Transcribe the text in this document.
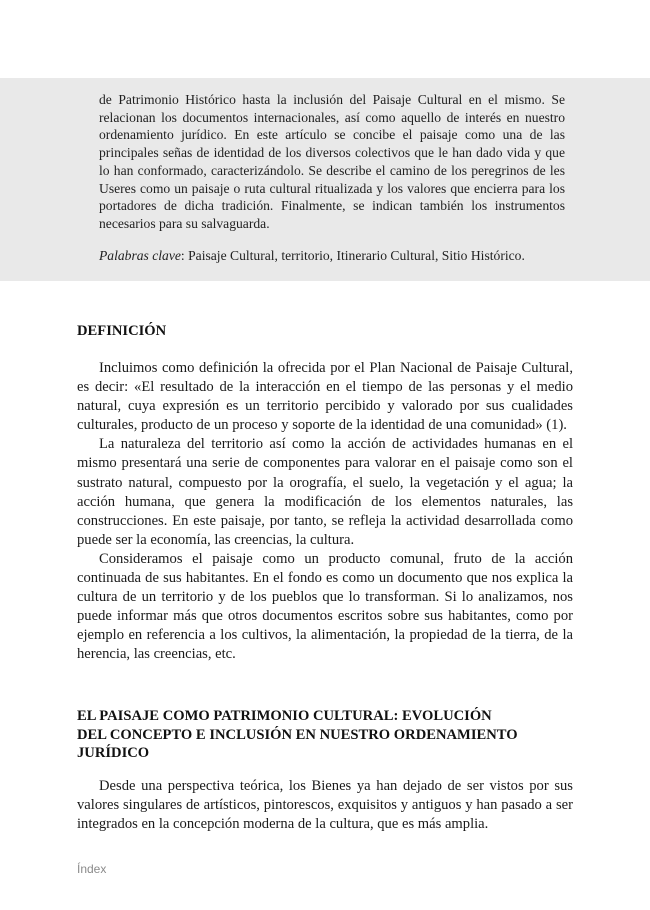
de Patrimonio Histórico hasta la inclusión del Paisaje Cultural en el mismo. Se relacionan los documentos internacionales, así como aquello de interés en nuestro ordenamiento jurídico. En este artículo se concibe el paisaje como una de las principales señas de identidad de los diversos colectivos que le han dado vida y que lo han conformado, caracterizándolo. Se describe el camino de los peregrinos de les Useres como un paisaje o ruta cultural ritualizada y los valores que encierra para los portadores de dicha tradición. Finalmente, se indican también los instrumentos necesarios para su salvaguarda.

Palabras clave: Paisaje Cultural, territorio, Itinerario Cultural, Sitio Histórico.
DEFINICIÓN

Incluimos como definición la ofrecida por el Plan Nacional de Paisaje Cultural, es decir: «El resultado de la interacción en el tiempo de las personas y el medio natural, cuya expresión es un territorio percibido y valorado por sus cualidades culturales, producto de un proceso y soporte de la identidad de una comunidad» (1).

La naturaleza del territorio así como la acción de actividades humanas en el mismo presentará una serie de componentes para valorar en el paisaje como son el sustrato natural, compuesto por la orografía, el suelo, la vegetación y el agua; la acción humana, que genera la modificación de los elementos naturales, las construcciones. En este paisaje, por tanto, se refleja la actividad desarrollada como puede ser la economía, las creencias, la cultura.

Consideramos el paisaje como un producto comunal, fruto de la acción continuada de sus habitantes. En el fondo es como un documento que nos explica la cultura de un territorio y de los pueblos que lo transforman. Si lo analizamos, nos puede informar más que otros documentos escritos sobre sus habitantes, como por ejemplo en referencia a los cultivos, la alimentación, la propiedad de la tierra, de la herencia, las creencias, etc.

EL PAISAJE COMO PATRIMONIO CULTURAL: EVOLUCIÓN
DEL CONCEPTO E INCLUSIÓN EN NUESTRO ORDENAMIENTO
JURÍDICO

Desde una perspectiva teórica, los Bienes ya han dejado de ser vistos por sus valores singulares de artísticos, pintorescos, exquisitos y antiguos y han pasado a ser integrados en la concepción moderna de la cultura, que es más amplia.

Índex
